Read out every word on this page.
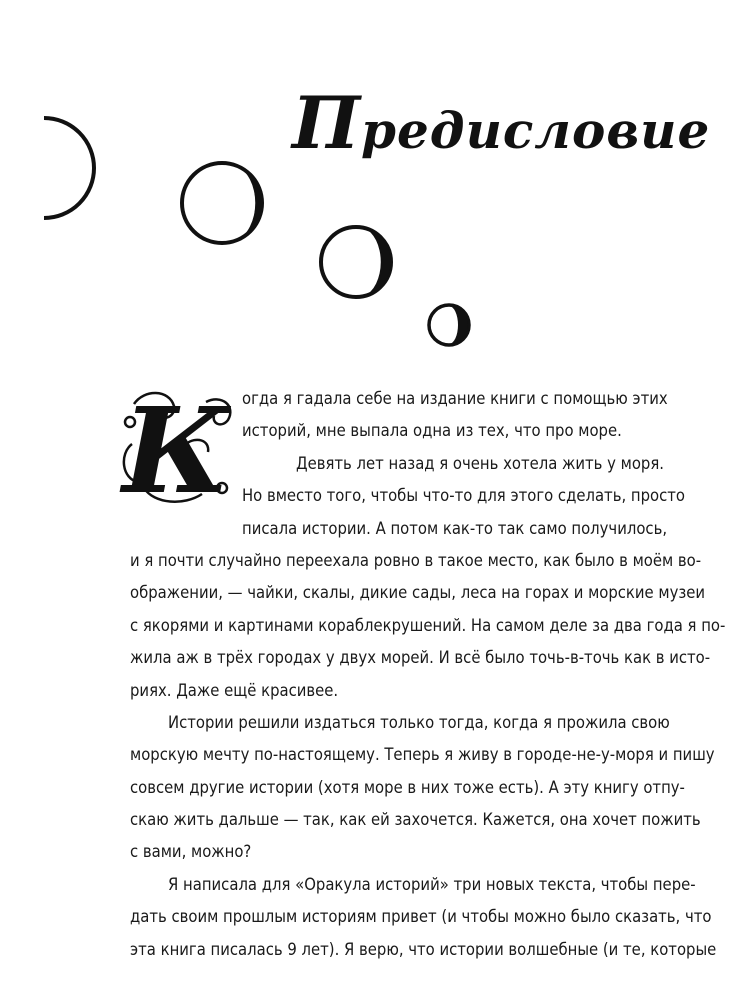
Предисловие
К огда я гадала себе на издание книги с помощью этих
историй, мне выпала одна из тех, что про море.
Девять лет назад я очень хотела жить у моря.
Но вместо того, чтобы что-то для этого сделать, просто
писала истории. А потом как-то так само получилось,
и я почти случайно переехала ровно в такое место, как было в моём во-
ображении, — чайки, скалы, дикие сады, леса на горах и морские музеи
с якорями и картинами кораблекрушений. На самом деле за два года я по-
жила аж в трёх городах у двух морей. И всё было точь-в-точь как в исто-
риях. Даже ещё красивее.
Истории решили издаться только тогда, когда я прожила свою
морскую мечту по-настоящему. Теперь я живу в городе-не-у-моря и пишу
совсем другие истории (хотя море в них тоже есть). А эту книгу отпу-
скаю жить дальше — так, как ей захочется. Кажется, она хочет пожить
с вами, можно?
Я написала для «Оракула историй» три новых текста, чтобы пере-
дать своим прошлым историям привет (и чтобы можно было сказать, что
эта книга писалась 9 лет). Я верю, что истории волшебные (и те, которые
